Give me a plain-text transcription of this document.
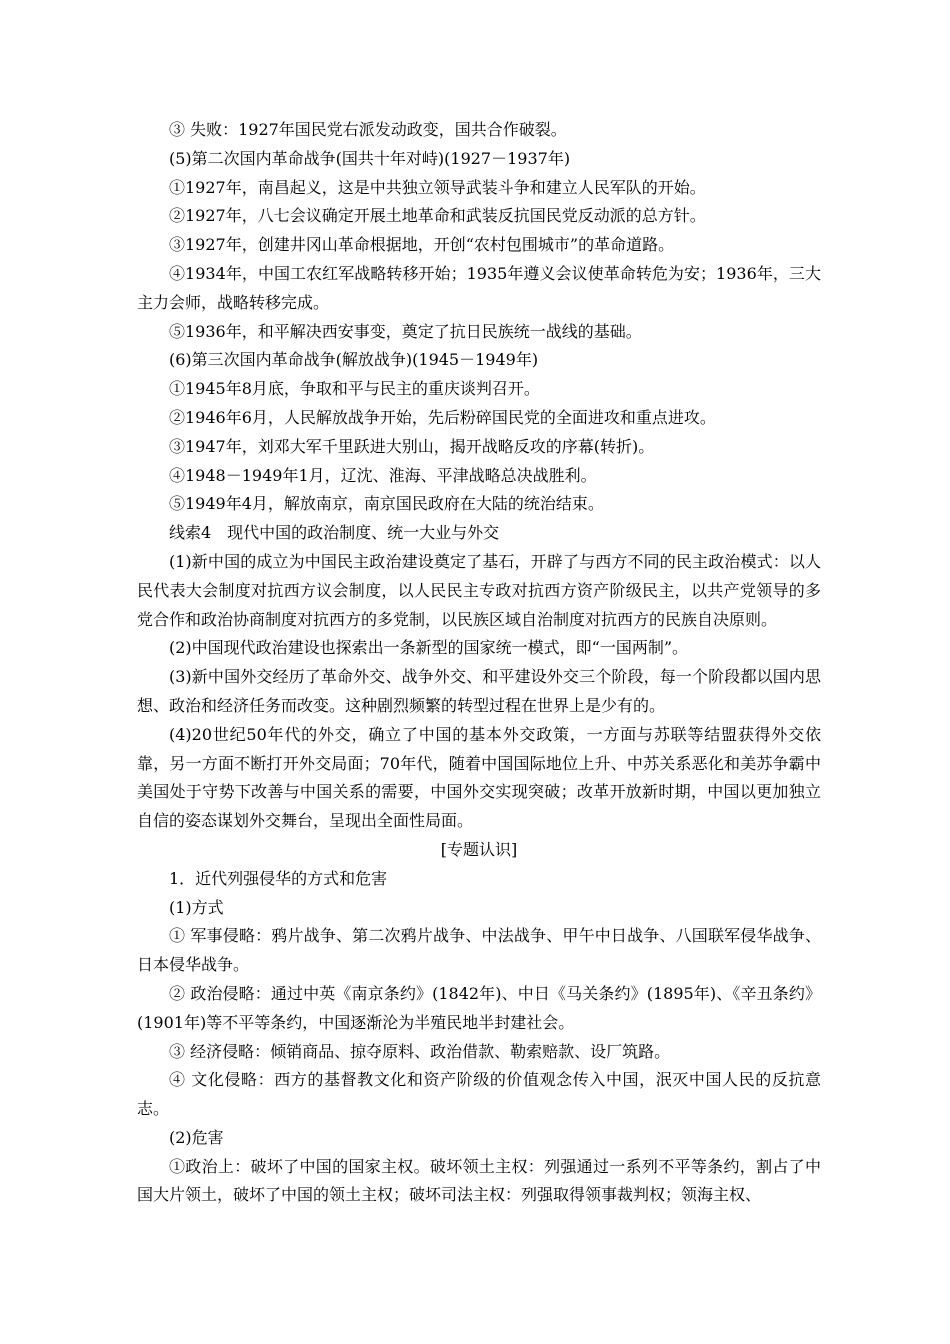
③ 失败：1927年国民党右派发动政变，国共合作破裂。
(5)第二次国内革命战争(国共十年对峙)(1927－1937年)
①1927年，南昌起义，这是中共独立领导武装斗争和建立人民军队的开始。
②1927年，八七会议确定开展土地革命和武装反抗国民党反动派的总方针。
③1927年，创建井冈山革命根据地，开创“农村包围城市”的革命道路。
④1934年，中国工农红军战略转移开始；1935年遵义会议使革命转危为安；1936年，三大主力会师，战略转移完成。
⑤1936年，和平解决西安事变，奠定了抗日民族统一战线的基础。
(6)第三次国内革命战争(解放战争)(1945－1949年)
①1945年8月底，争取和平与民主的重庆谈判召开。
②1946年6月，人民解放战争开始，先后粉碎国民党的全面进攻和重点进攻。
③1947年，刘邓大军千里跃进大别山，揭开战略反攻的序幕(转折)。
④1948－1949年1月，辽沈、淮海、平津战略总决战胜利。
⑤1949年4月，解放南京，南京国民政府在大陆的统治结束。
线索4　现代中国的政治制度、统一大业与外交
(1)新中国的成立为中国民主政治建设奠定了基石，开辟了与西方不同的民主政治模式：以人民代表大会制度对抗西方议会制度，以人民民主专政对抗西方资产阶级民主，以共产党领导的多党合作和政治协商制度对抗西方的多党制，以民族区域自治制度对抗西方的民族自决原则。
(2)中国现代政治建设也探索出一条新型的国家统一模式，即“一国两制”。
(3)新中国外交经历了革命外交、战争外交、和平建设外交三个阶段，每一个阶段都以国内思想、政治和经济任务而改变。这种剧烈频繁的转型过程在世界上是少有的。
(4)20世纪50年代的外交，确立了中国的基本外交政策，一方面与苏联等结盟获得外交依靠，另一方面不断打开外交局面；70年代，随着中国国际地位上升、中苏关系恶化和美苏争霸中美国处于守势下改善与中国关系的需要，中国外交实现突破；改革开放新时期，中国以更加独立自信的姿态谋划外交舞台，呈现出全面性局面。
[专题认识]
1．近代列强侵华的方式和危害
(1)方式
① 军事侵略：鸦片战争、第二次鸦片战争、中法战争、甲午中日战争、八国联军侵华战争、日本侵华战争。
② 政治侵略：通过中英《南京条约》(1842年)、中日《马关条约》(1895年)、《辛丑条约》(1901年)等不平等条约，中国逐渐沦为半殖民地半封建社会。
③ 经济侵略：倾销商品、掠夺原料、政治借款、勒索赔款、设厂筑路。
④ 文化侵略：西方的基督教文化和资产阶级的价值观念传入中国，泯灭中国人民的反抗意志。
(2)危害
①政治上：破坏了中国的国家主权。破坏领土主权：列强通过一系列不平等条约，割占了中国大片领土，破坏了中国的领土主权；破坏司法主权：列强取得领事裁判权；领海主权、
